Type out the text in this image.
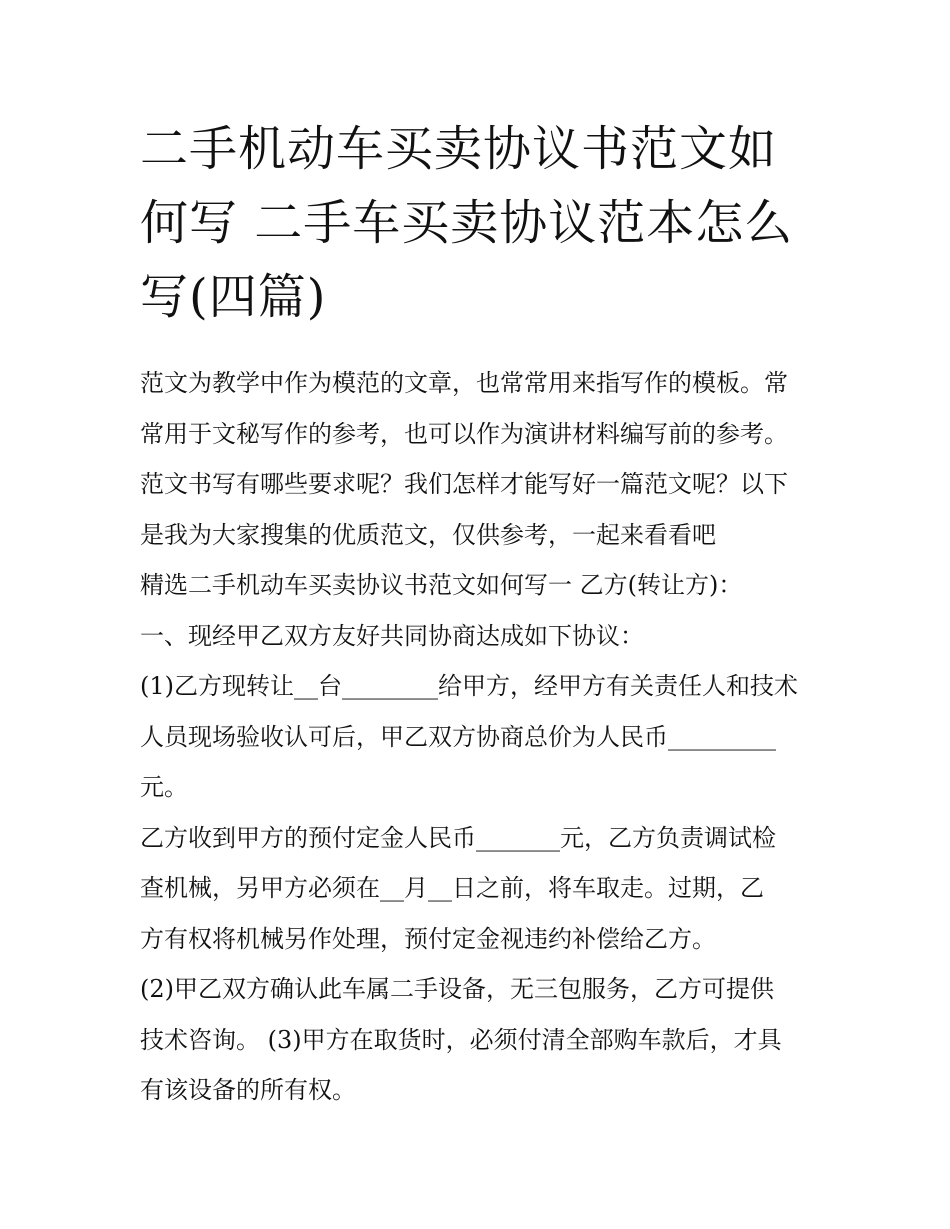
二手机动车买卖协议书范文如
何写 二手车买卖协议范本怎么
写(四篇)
范文为教学中作为模范的文章，也常常用来指写作的模板。常
常用于文秘写作的参考，也可以作为演讲材料编写前的参考。
范文书写有哪些要求呢？我们怎样才能写好一篇范文呢？以下
是我为大家搜集的优质范文，仅供参考，一起来看看吧
精选二手机动车买卖协议书范文如何写一 乙方(转让方)：
一、现经甲乙双方友好共同协商达成如下协议：
(1)乙方现转让__台________给甲方，经甲方有关责任人和技术
人员现场验收认可后，甲乙双方协商总价为人民币_________
元。
乙方收到甲方的预付定金人民币_______元，乙方负责调试检
查机械，另甲方必须在__月__日之前，将车取走。过期，乙
方有权将机械另作处理，预付定金视违约补偿给乙方。
(2)甲乙双方确认此车属二手设备，无三包服务，乙方可提供
技术咨询。 (3)甲方在取货时，必须付清全部购车款后，才具
有该设备的所有权。
